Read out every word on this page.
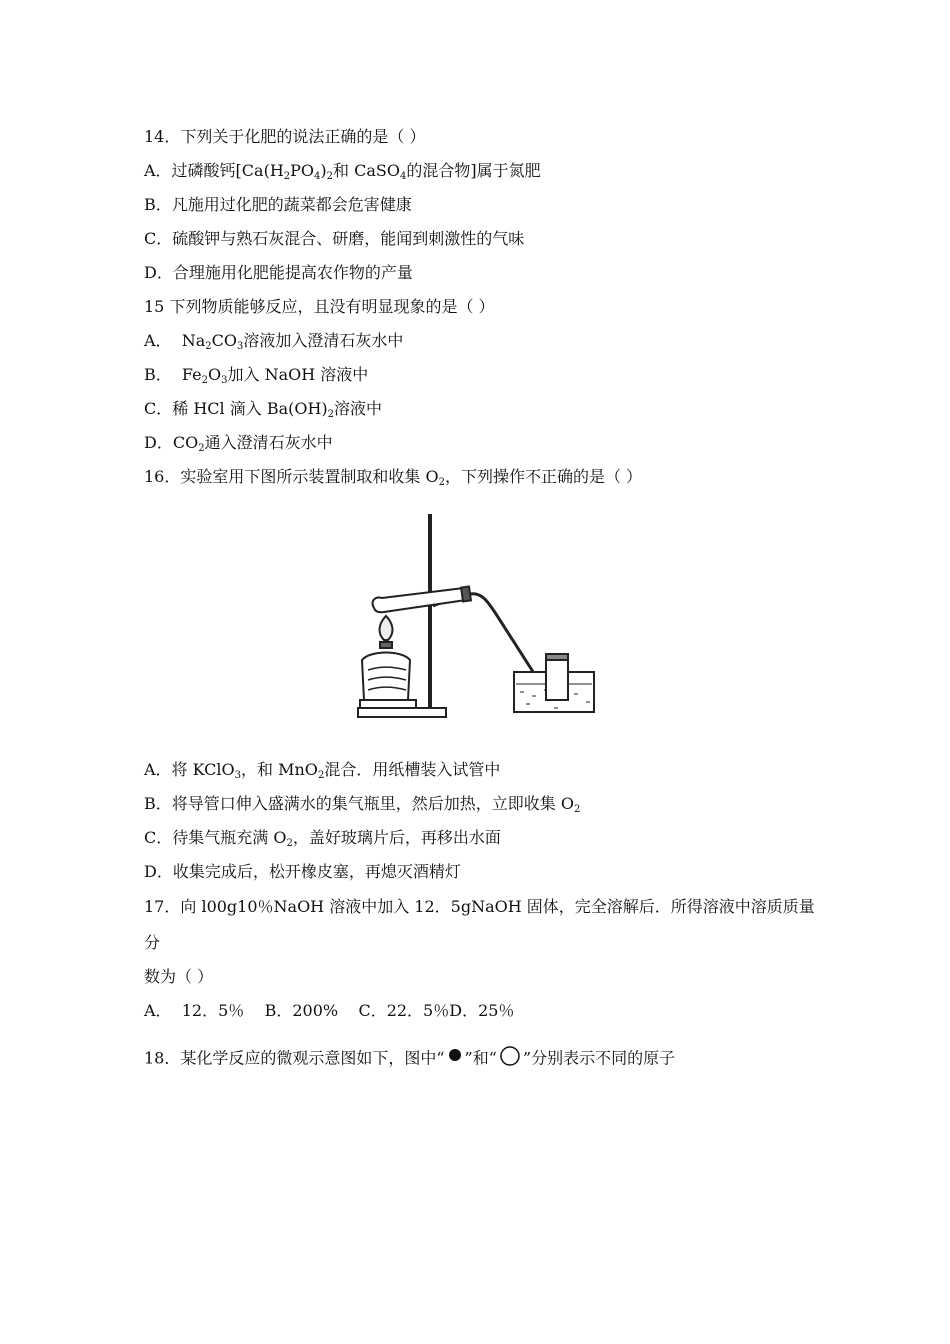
14．下列关于化肥的说法正确的是（ ）
A．过磷酸钙[$Ca(H_2PO_4)_2$和 CaSO$_4$的混合物]属于氮肥
B．凡施用过化肥的蔬菜都会危害健康
C．硫酸钾与熟石灰混合、研磨，能闻到刺激性的气味
D．合理施用化肥能提高农作物的产量
15 下列物质能够反应，且没有明显现象的是（ ）
A．  $Na_2CO_3$溶液加入澄清石灰水中
B．  $Fe_2O_3$加入 NaOH 溶液中
C．稀 HCl 滴入 $Ba(OH)_2$溶液中
D．$CO_2$通入澄清石灰水中
16．实验室用下图所示装置制取和收集 $O_2$，下列操作不正确的是（ ）
A．将 KClO$_3$，和 MnO$_2$混合．用纸槽装入试管中
B．将导管口伸入盛满水的集气瓶里，然后加热，立即收集 $O_2$
C．待集气瓶充满 $O_2$，盖好玻璃片后，再移出水面
D．收集完成后，松开橡皮塞，再熄灭酒精灯
17．向 l00g10％NaOH 溶液中加入 12．5gNaOH 固体，完全溶解后．所得溶液中溶质质量
分
数为（ ）
A．  12．5％    B．200%    C．22．5％D．25％
18．某化学反应的微观示意图如下，图中“ ”和“ ”分别表示不同的原子
